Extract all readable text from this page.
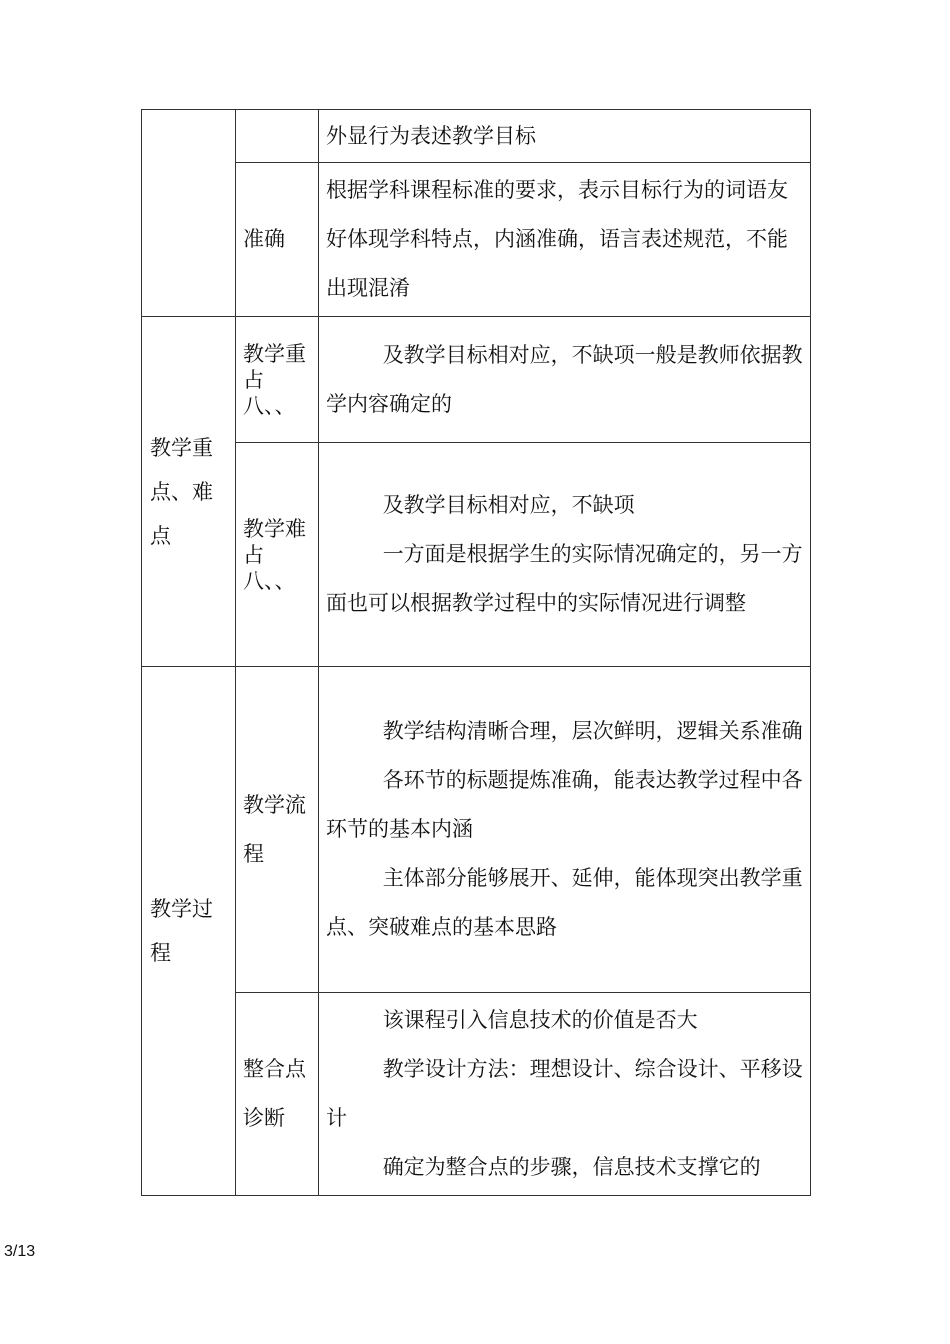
		外显行为表述教学目标

	准确	根据学科课程标准的要求，表示目标行为的词语友好体现学科特点，内涵准确，语言表述规范，不能出现混淆

教学重点、难点	教学重
占
八、、	及教学目标相对应，不缺项一般是教师依据教学内容确定的

	教学难
占
八、、	及教学目标相对应，不缺项
一方面是根据学生的实际情况确定的，另一方面也可以根据教学过程中的实际情况进行调整

教学过程	教学流程	教学结构清晰合理，层次鲜明，逻辑关系准确
各环节的标题提炼准确，能表达教学过程中各环节的基本内涵
主体部分能够展开、延伸，能体现突出教学重点、突破难点的基本思路

	整合点诊断	该课程引入信息技术的价值是否大
教学设计方法：理想设计、综合设计、平移设计
确定为整合点的步骤，信息技术支撑它的
3/13
